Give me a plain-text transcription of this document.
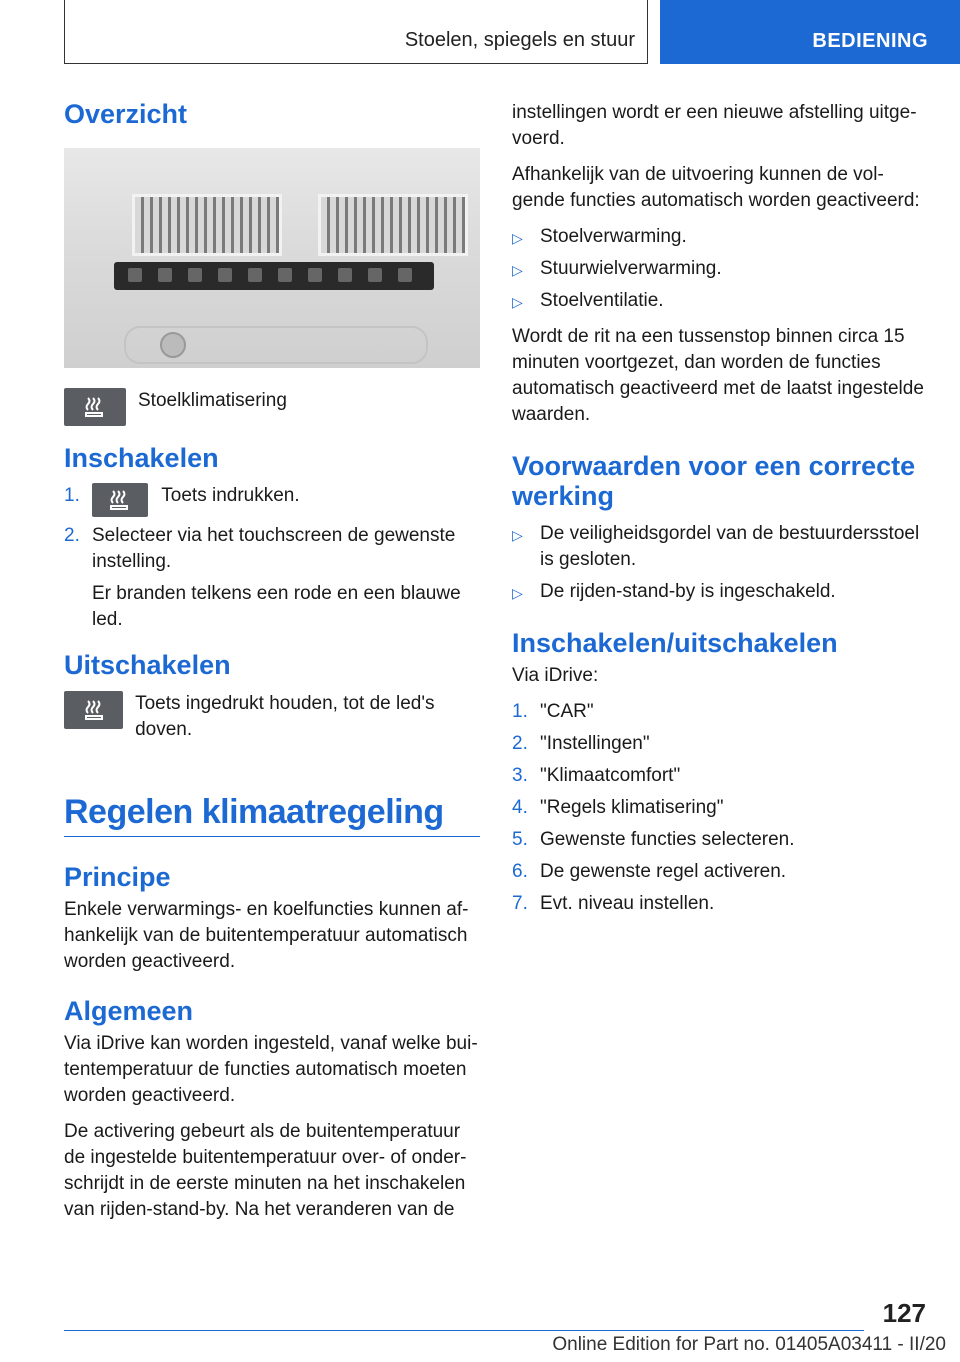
Stoelen, spiegels en stuur	BEDIENING
Overzicht
Stoelklimatisering
Inschakelen
1.	Toets indrukken.
2. Selecteer via het touchscreen de gewenste instelling.

Er branden telkens een rode en een blauwe led.

Uitschakelen
Toets ingedrukt houden, tot de led's doven.
Regelen klimaatregeling
Principe

Enkele verwarmings- en koelfuncties kunnen afhankelijk van de buitentemperatuur automatisch worden geactiveerd.

Algemeen

Via iDrive kan worden ingesteld, vanaf welke buitentemperatuur de functies automatisch moeten worden geactiveerd.

De activering gebeurt als de buitentemperatuur de ingestelde buitentemperatuur over- of onderschrijdt in de eerste minuten na het inschakelen van rijden-stand-by. Na het veranderen van de

instellingen wordt er een nieuwe afstelling uitgevoerd.

Afhankelijk van de uitvoering kunnen de volgende functies automatisch worden geactiveerd:

▷ Stoelverwarming.
▷ Stuurwielverwarming.
▷ Stoelventilatie.

Wordt de rit na een tussenstop binnen circa 15 minuten voortgezet, dan worden de functies automatisch geactiveerd met de laatst ingestelde waarden.

Voorwaarden voor een correcte werking
▷ De veiligheidsgordel van de bestuurdersstoel is gesloten.
▷ De rijden-stand-by is ingeschakeld.
Inschakelen/uitschakelen

Via iDrive:

1. "CAR"
2. "Instellingen"
3. "Klimaatcomfort"
4. "Regels klimatisering"
5. Gewenste functies selecteren.
6. De gewenste regel activeren.
7. Evt. niveau instellen.
127
Online Edition for Part no. 01405A03411 - II/20
